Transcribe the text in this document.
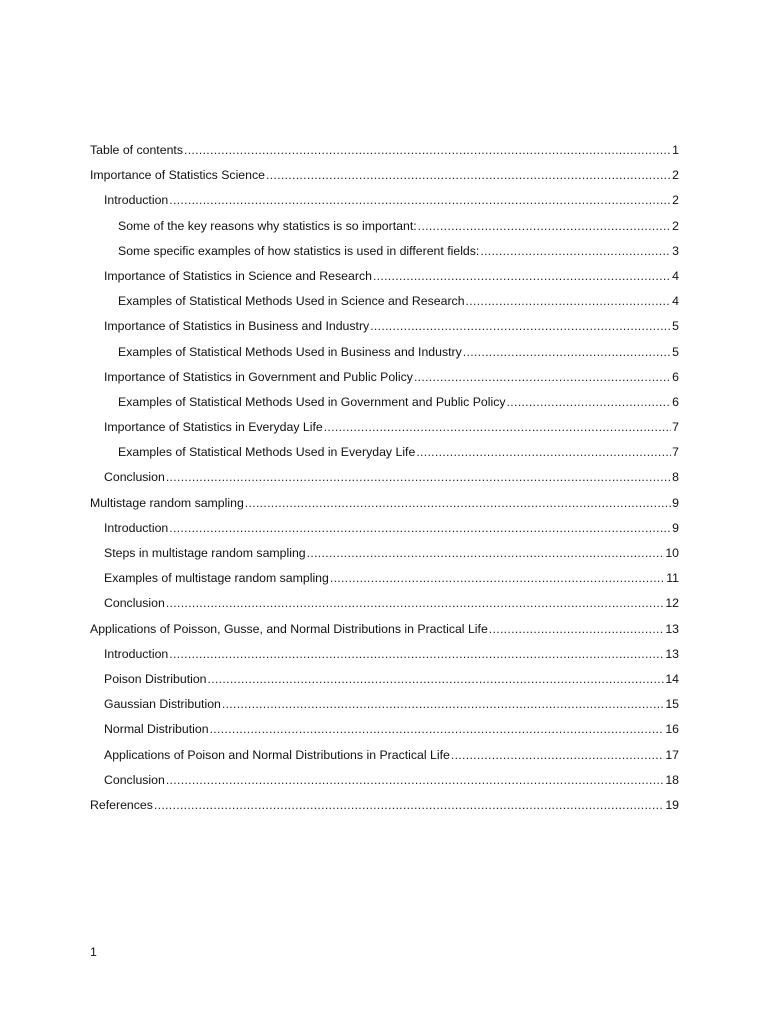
Table of contents .....	1
Importance of Statistics Science .....	2
Introduction .....	2
Some of the key reasons why statistics is so important: .....	2
Some specific examples of how statistics is used in different fields: .....	3
Importance of Statistics in Science and Research .....	4
Examples of Statistical Methods Used in Science and Research .....	4
Importance of Statistics in Business and Industry .....	5
Examples of Statistical Methods Used in Business and Industry .....	5
Importance of Statistics in Government and Public Policy .....	6
Examples of Statistical Methods Used in Government and Public Policy .....	6
Importance of Statistics in Everyday Life .....	7
Examples of Statistical Methods Used in Everyday Life .....	7
Conclusion .....	8
Multistage random sampling .....	9
Introduction .....	9
Steps in multistage random sampling .....	10
Examples of multistage random sampling .....	11
Conclusion .....	12
Applications of Poisson, Gusse, and Normal Distributions in Practical Life .....	13
Introduction .....	13
Poison Distribution .....	14
Gaussian Distribution .....	15
Normal Distribution .....	16
Applications of Poison and Normal Distributions in Practical Life .....	17
Conclusion .....	18
References .....	19
1
